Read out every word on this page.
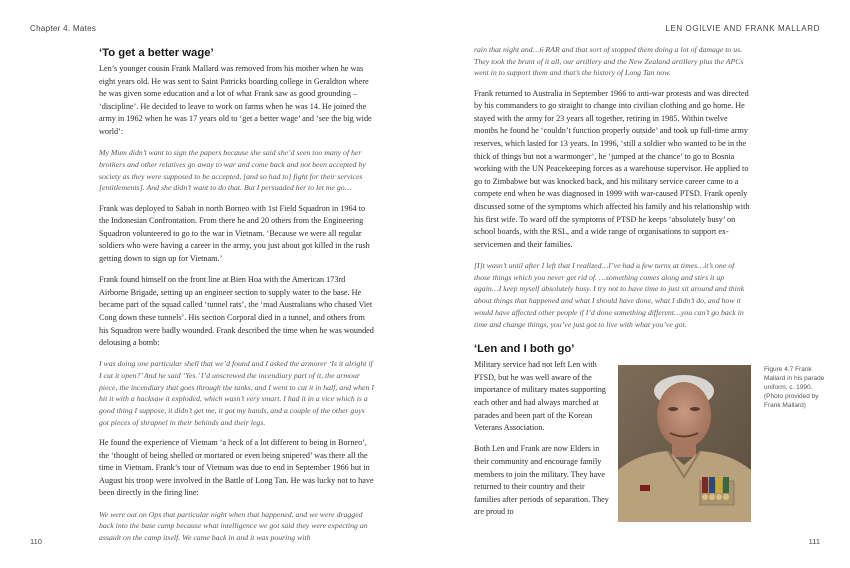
Chapter 4. Mates	LEN OGILVIE AND FRANK MALLARD
‘To get a better wage’

Len’s younger cousin Frank Mallard was removed from his mother when he was eight years old. He was sent to Saint Patricks boarding college in Geraldton where he was given some education and a lot of what Frank saw as good grounding – ‘discipline’. He decided to leave to work on farms when he was 14. He joined the army in 1962 when he was 17 years old to ‘get a better wage’ and ‘see the big wide world’:

My Mum didn’t want to sign the papers because she said she’d seen too many of her brothers and other relatives go away to war and come back and not been accepted by society as they were supposed to be accepted, [and so had to] fight for their services [entitlements]. And she didn’t want to do that. But I persuaded her to let me go…

Frank was deployed to Sabah in north Borneo with 1st Field Squadron in 1964 to the Indonesian Confrontation. From there he and 20 others from the Engineering Squadron volunteered to go to the war in Vietnam. ‘Because we were all regular soldiers who were having a career in the army, you just about got killed in the rush getting down to sign up for Vietnam.’

Frank found himself on the front line at Bien Hoa with the American 173rd Airborne Brigade, setting up an engineer section to supply water to the base. He became part of the squad called ‘tunnel rats’, the ‘mad Australians who chased Viet Cong down these tunnels’. His section Corporal died in a tunnel, and others from his Squadron were badly wounded. Frank described the time when he was wounded delousing a bomb:

I was doing one particular shell that we’d found and I asked the armorer ‘Is it alright if I cut it open?’ And he said ‘Yes.’ I’d unscrewed the incendiary part of it, the armour piece, the incendiary that goes through the tanks, and I went to cut it in half, and when I hit it with a hacksaw it exploded, which wasn’t very smart. I had it in a vice which is a good thing I suppose, it didn’t get me, it got my hands, and a couple of the other guys got pieces of shrapnel in their behinds and their legs.

He found the experience of Vietnam ‘a heck of a lot different to being in Borneo’, the ‘thought of being shelled or mortared or even being snipered’ was there all the time in Vietnam. Frank’s tour of Vietnam was due to end in September 1966 but in August his troop were involved in the Battle of Long Tan. He was lucky not to have been directly in the firing line:

We were out on Ops that particular night when that happened, and we were dragged back into the base camp because what intelligence we got said they were expecting an assault on the camp itself. We came back in and it was pouring with

rain that night and…6 RAR and that sort of stopped them doing a lot of damage to us. They took the brunt of it all, our artillery and the New Zealand artillery plus the APCs went in to support them and that’s the history of Long Tan now.

Frank returned to Australia in September 1966 to anti-war protests and was directed by his commanders to go straight to change into civilian clothing and go home. He stayed with the army for 23 years all together, retiring in 1985. Within twelve months he found he ‘couldn’t function properly outside’ and took up full-time army reserves, which lasted for 13 years. In 1996, ‘still a soldier who wanted to be in the thick of things but not a warmonger’, he ‘jumped at the chance’ to go to Bosnia working with the UN Peacekeeping forces as a warehouse supervisor. He applied to go to Zimbabwe but was knocked back, and his military service career came to a compete end when he was diagnosed in 1999 with war-caused PTSD. Frank openly discussed some of the symptoms which affected his family and his relationship with his first wife. To ward off the symptoms of PTSD he keeps ‘absolutely busy’ on school boards, with the RSL, and a wide range of organisations to support ex-servicemen and their families.

[I]t wasn’t until after I left that I realized…I’ve had a few turns at times…it’s one of those things which you never get rid of. …something comes along and stirs it up again…I keep myself absolutely busy. I try not to have time to just sit around and think about things that happened and what I should have done, what I didn’t do, and how it would have affected other people if I’d done something different…you can’t go back in time and change things, you’ve just got to live with what you’ve got.

‘Len and I both go’

Military service had not left Len with PTSD, but he was well aware of the importance of military mates supporting each other and had always marched at parades and been part of the Korean Veterans Association.

Both Len and Frank are now Elders in their community and encourage family members to join the military. They have returned to their country and their families after periods of separation. They are proud to

Figure 4.7 Frank Mallard in his parade uniform, c. 1990. (Photo provided by Frank Mallard)
110	111
